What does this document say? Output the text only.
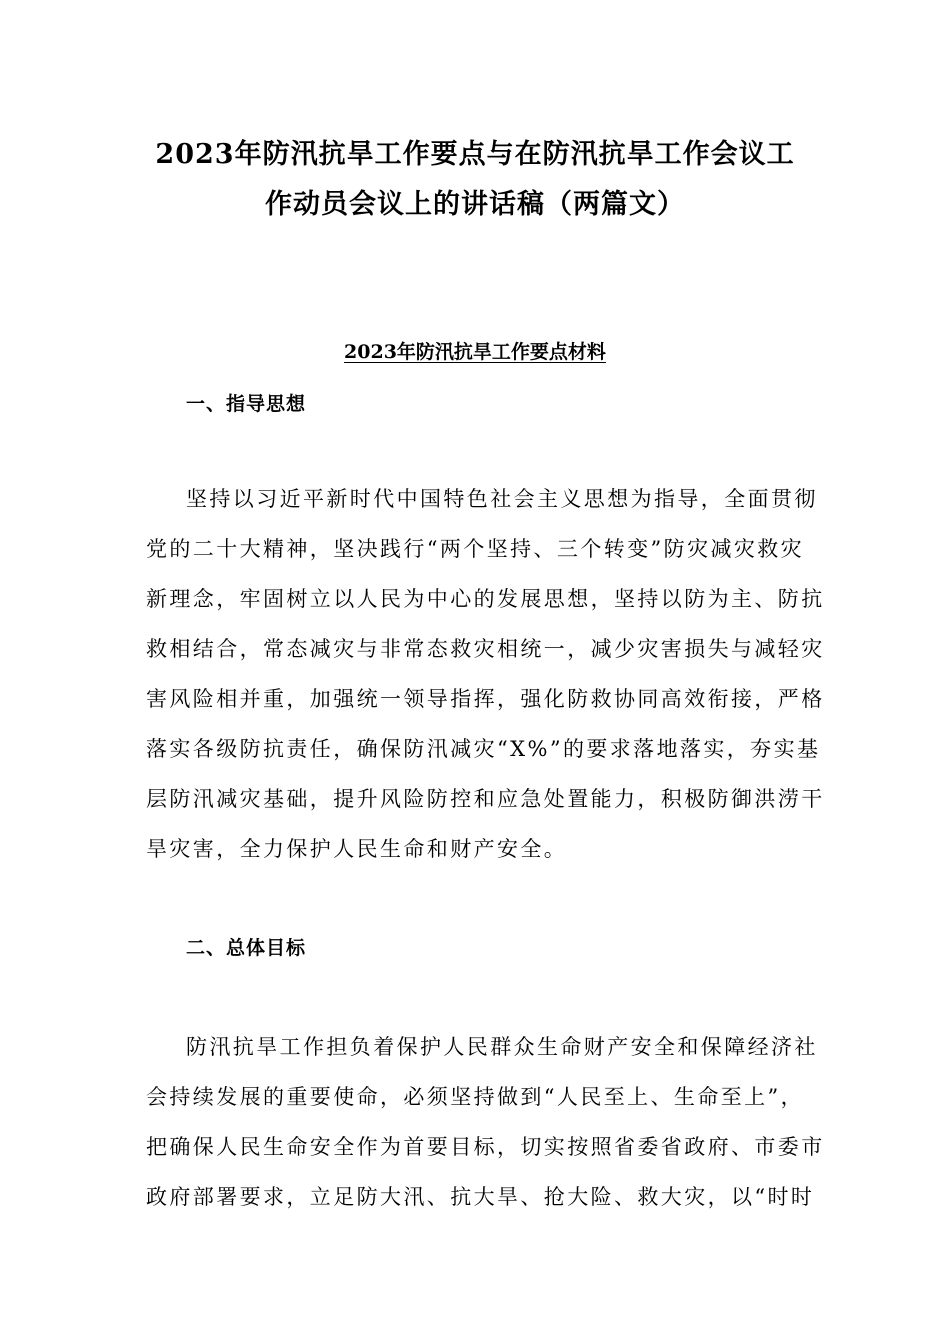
2023年防汛抗旱工作要点与在防汛抗旱工作会议工
作动员会议上的讲话稿（两篇文）
2023年防汛抗旱工作要点材料
一、指导思想
坚持以习近平新时代中国特色社会主义思想为指导，全面贯彻
党的二十大精神，坚决践行“两个坚持、三个转变”防灾减灾救灾
新理念，牢固树立以人民为中心的发展思想，坚持以防为主、防抗
救相结合，常态减灾与非常态救灾相统一，减少灾害损失与减轻灾
害风险相并重，加强统一领导指挥，强化防救协同高效衔接，严格
落实各级防抗责任，确保防汛减灾“X%”的要求落地落实，夯实基
层防汛减灾基础，提升风险防控和应急处置能力，积极防御洪涝干
旱灾害，全力保护人民生命和财产安全。
二、总体目标
防汛抗旱工作担负着保护人民群众生命财产安全和保障经济社
会持续发展的重要使命，必须坚持做到“人民至上、生命至上”，
把确保人民生命安全作为首要目标，切实按照省委省政府、市委市
政府部署要求，立足防大汛、抗大旱、抢大险、救大灾，以“时时
